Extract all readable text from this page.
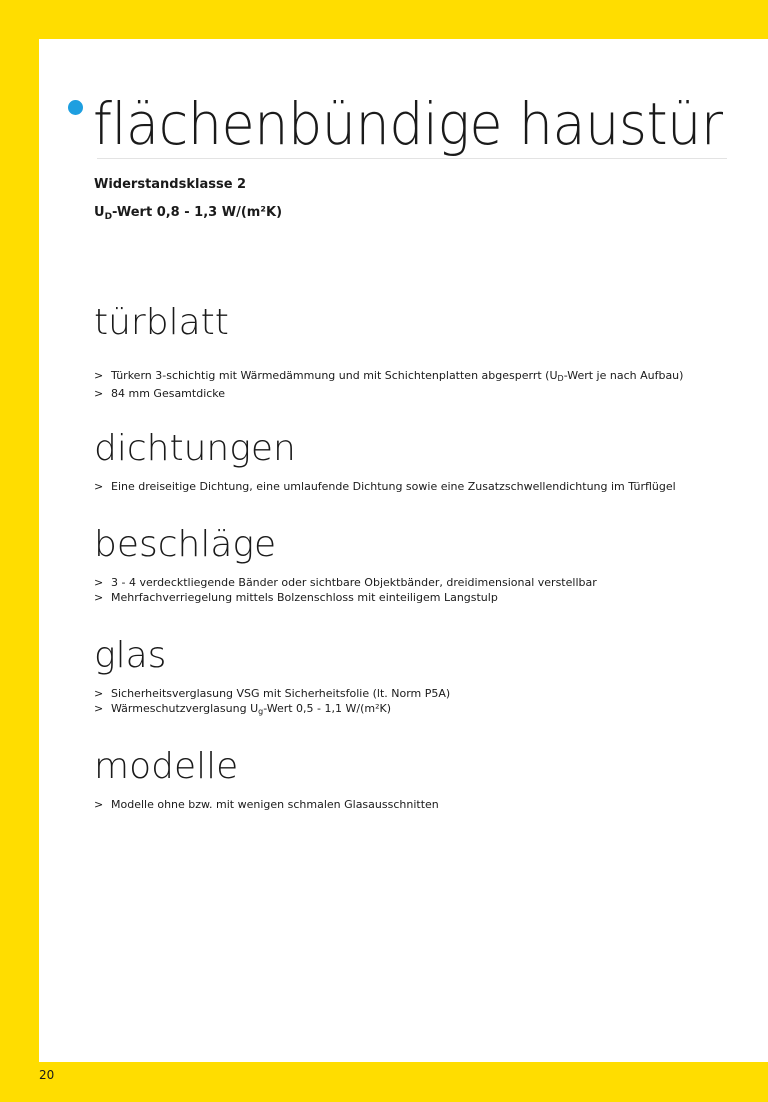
flächenbündige haustür

Widerstandsklasse 2

$U_D$-Wert 0,8 - 1,3 W/(m²K)

türblatt
> Türkern 3-schichtig mit Wärmedämmung und mit Schichtenplatten abgesperrt ($U_D$-Wert je nach Aufbau)
> 84 mm Gesamtdicke
dichtungen
> Eine dreiseitige Dichtung, eine umlaufende Dichtung sowie eine Zusatzschwellendichtung im Türflügel
beschläge
> 3 - 4 verdecktliegende Bänder oder sichtbare Objektbänder, dreidimensional verstellbar
> Mehrfachverriegelung mittels Bolzenschloss mit einteiligem Langstulp
glas
> Sicherheitsverglasung VSG mit Sicherheitsfolie (lt. Norm P5A)
> Wärmeschutzverglasung $U_g$-Wert 0,5 - 1,1 W/(m²K)
modelle
> Modelle ohne bzw. mit wenigen schmalen Glasausschnitten
20
